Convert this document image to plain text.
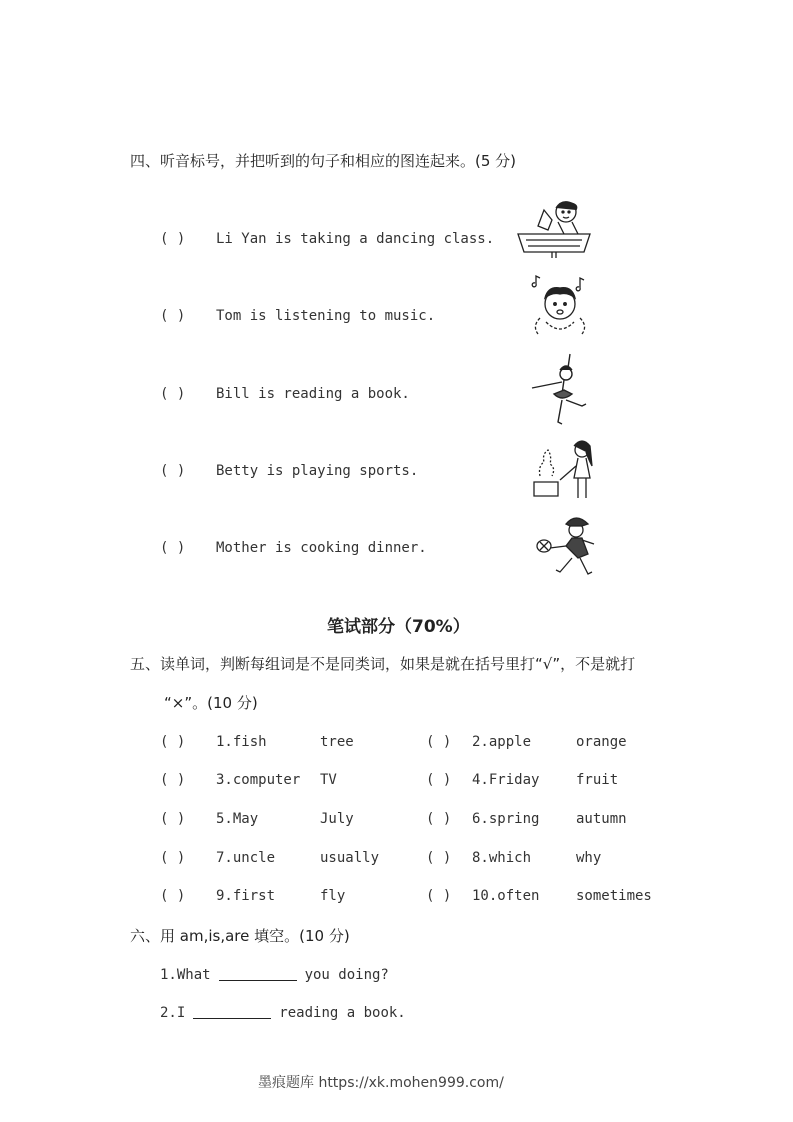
四、听音标号，并把听到的句子和相应的图连起来。(5 分)
( ) Li Yan is taking a dancing class.
( ) Tom is listening to music.
( ) Bill is reading a book.
( ) Betty is playing sports.
( ) Mother is cooking dinner.
笔试部分（70%）
五、读单词，判断每组词是不是同类词，如果是就在括号里打“√”，不是就打
“×”。(10 分)
( ) 1.fish	tree	( ) 2.apple	orange
( ) 3.computer TV	( ) 4.Friday	fruit
( ) 5.May	July	( ) 6.spring	autumn
( ) 7.uncle	usually	( ) 8.which	why
( ) 9.first	fly	( ) 10.often	sometimes
六、用 am,is,are 填空。(10 分)
1.What	you doing?
2.I	reading a book.
墨痕题库 https://xk.mohen999.com/
